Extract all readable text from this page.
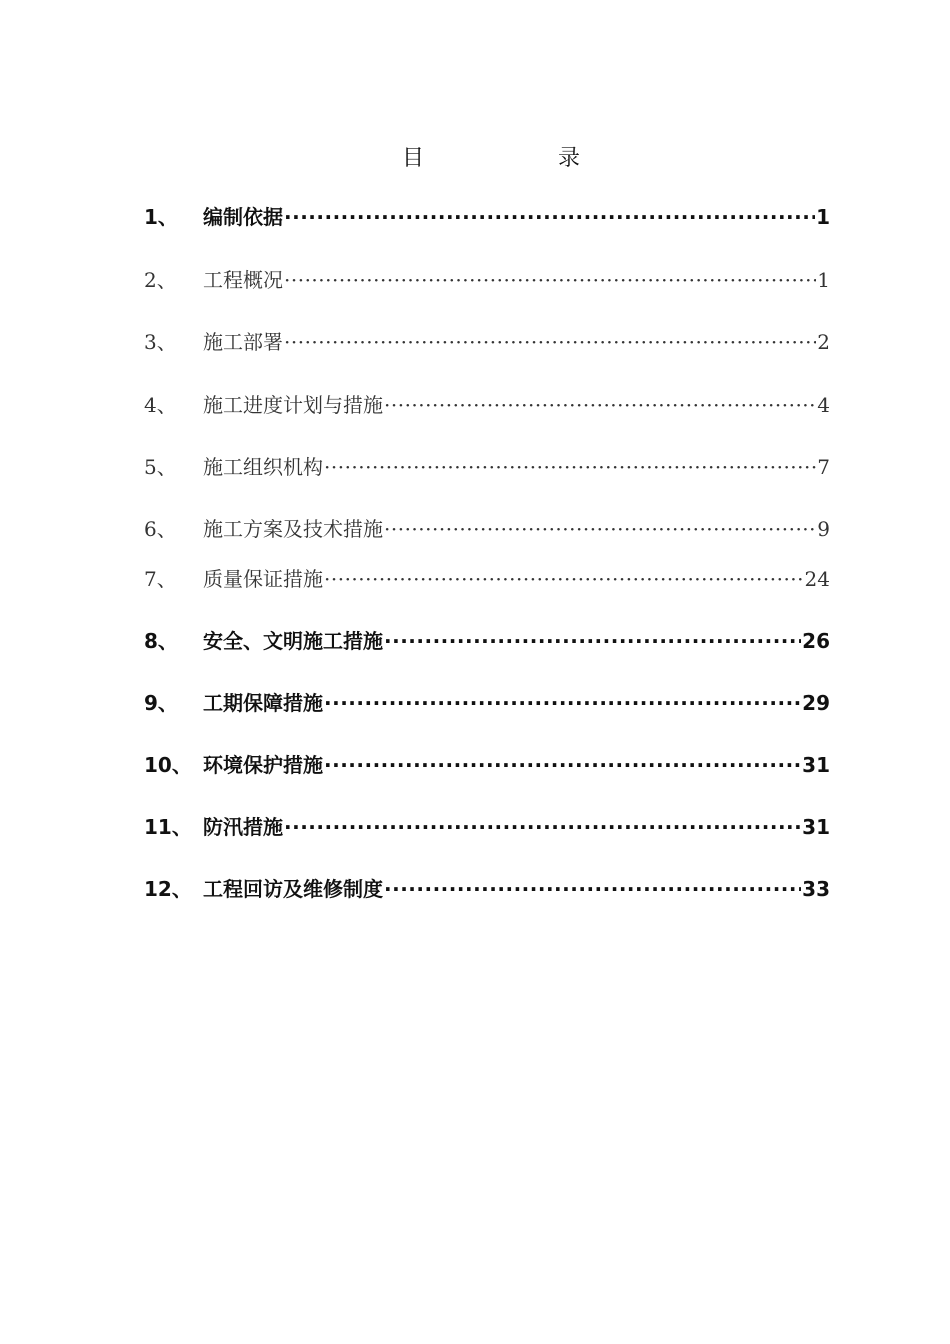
目	录
1、	编制依据 ·····	1
2、	工程概况 ·····	1
3、	施工部署 ·····	2
4、	施工进度计划与措施 ·····	4
5、	施工组织机构 ·····	7
6、	施工方案及技术措施 ·····	9
7、	质量保证措施 ·····	24
8、	安全、文明施工措施 ·····	26
9、	工期保障措施 ·····	29
10、 环境保护措施 ·····	31
11、 防汛措施 ·····	31
12、 工程回访及维修制度 ·····	33
